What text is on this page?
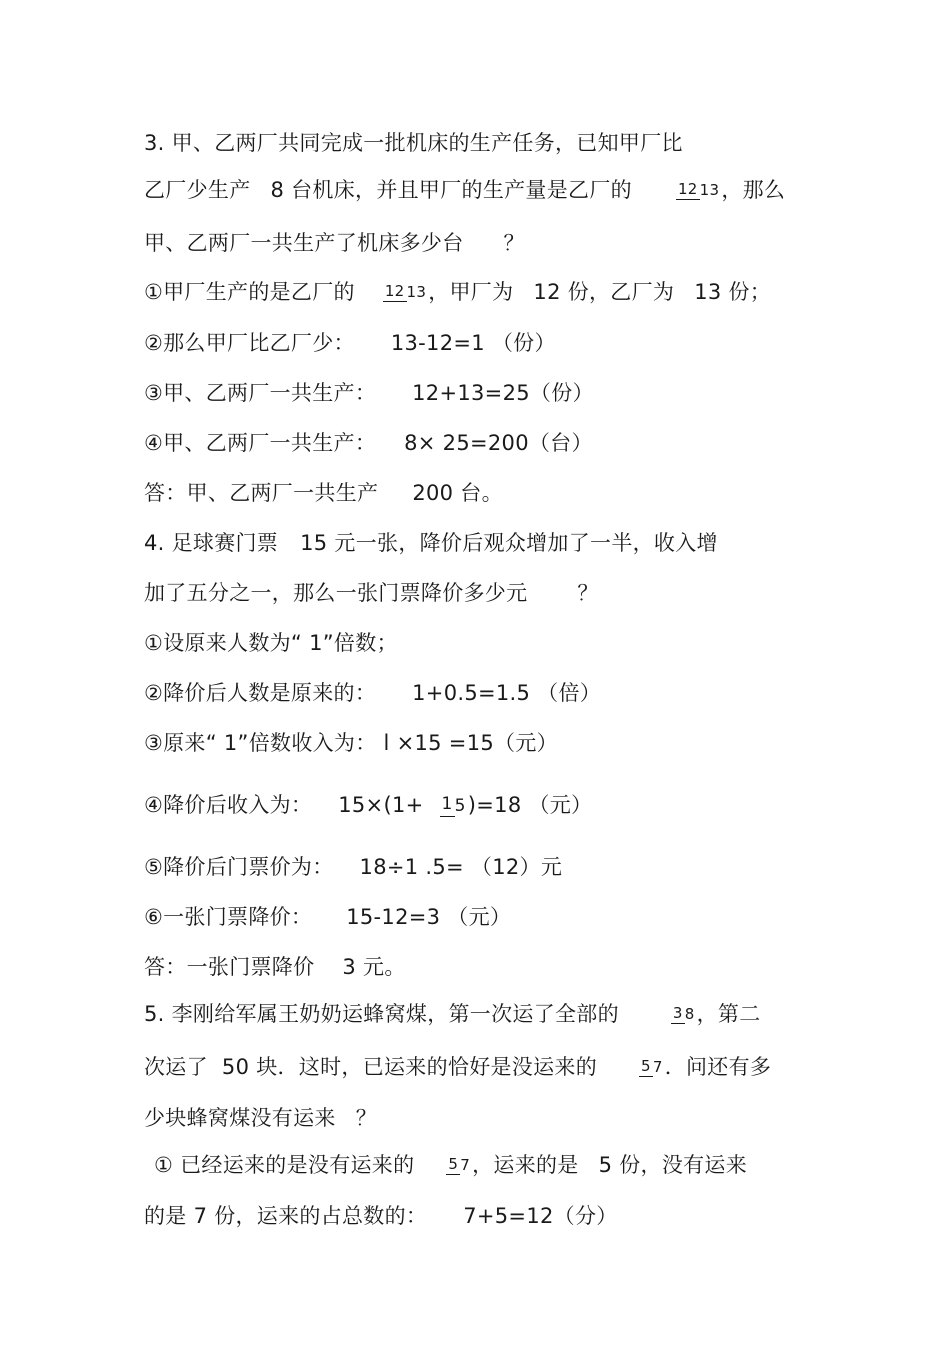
3. 甲、乙两厂共同完成一批机床的生产任务，已知甲厂比
乙厂少生产 8 台机床，并且甲厂的生产量是乙厂的	12 13，那么
甲、乙两厂一共生产了机床多少台 ？
①甲厂生产的是乙厂的 12 13，甲厂为 12 份，乙厂为 13 份；
②那么甲厂比乙厂少： 13-12=1 （份）
③甲、乙两厂一共生产： 12+13=25（份）
④甲、乙两厂一共生产： 8× 25=200（台）
答：甲、乙两厂一共生产 200 台。
4. 足球赛门票 15 元一张，降价后观众增加了一半，收入增
加了五分之一，那么一张门票降价多少元 ？
①设原来人数为“ 1”倍数；
②降价后人数是原来的： 1+0.5=1.5 （倍）
③原来“ 1”倍数收入为： l ×15 =15（元）
④降价后收入为： 15×(1+ 1 5)=18 （元）
⑤降价后门票价为： 18÷1 .5= （12）元
⑥一张门票降价： 15-12=3 （元）
答：一张门票降价 3 元。
5. 李刚给军属王奶奶运蜂窝煤，第一次运了全部的	3 8，第二
次运了 50 块．这时，已运来的恰好是没运来的	5 7．问还有多
少块蜂窝煤没有运来 ？
① 已经运来的是没有运来的 5 7，运来的是 5 份，没有运来
的是 7 份，运来的占总数的： 7+5=12（分）
